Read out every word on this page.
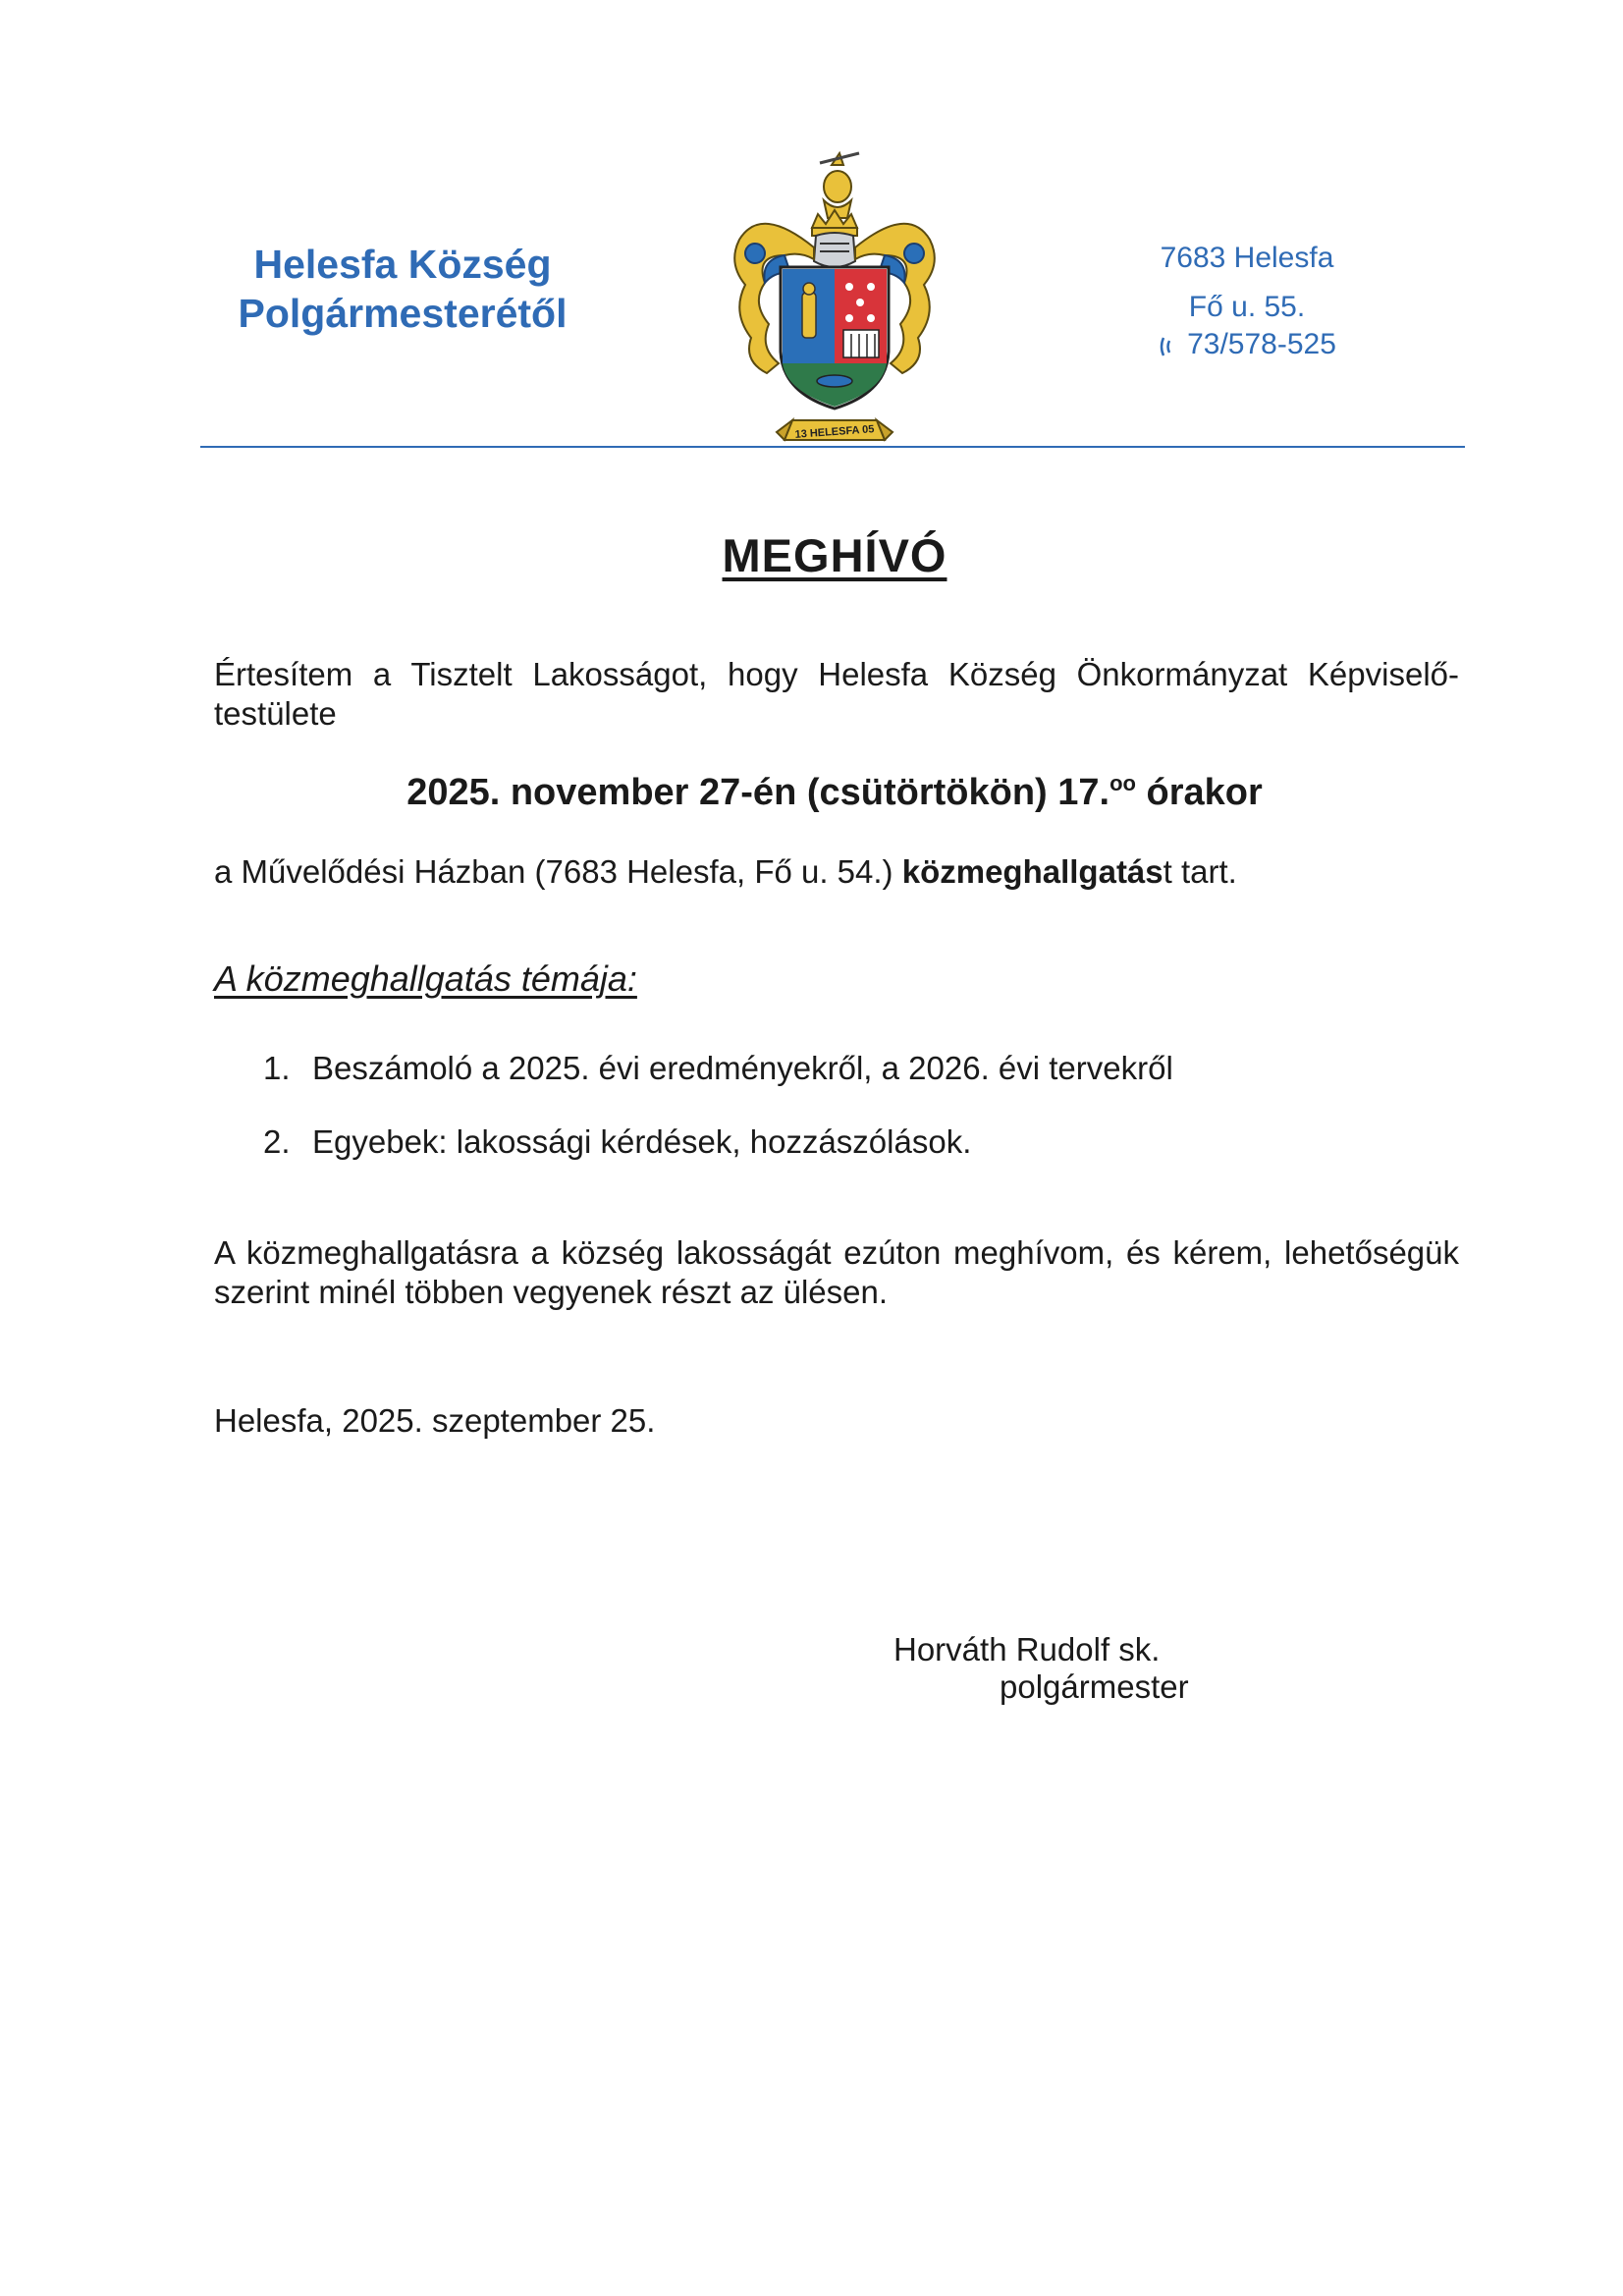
Helesfa Község
Polgármesterétől
13 HELESFA 05
7683 Helesfa
Fő u. 55.
73/578-525
MEGHÍVÓ
Értesítem a Tisztelt Lakosságot, hogy Helesfa Község Önkormányzat Képviselő-
testülete
2025. november 27-én (csütörtökön) 17.$^{oo}$ órakor
a Művelődési Házban (7683 Helesfa, Fő u. 54.) közmeghallgatást tart.
A közmeghallgatás témája:
1. Beszámoló a 2025. évi eredményekről, a 2026. évi tervekről
2. Egyebek: lakossági kérdések, hozzászólások.
A közmeghallgatásra a község lakosságát ezúton meghívom, és kérem, lehetőségük
szerint minél többen vegyenek részt az ülésen.
Helesfa, 2025. szeptember 25.
Horváth Rudolf sk.
polgármester
